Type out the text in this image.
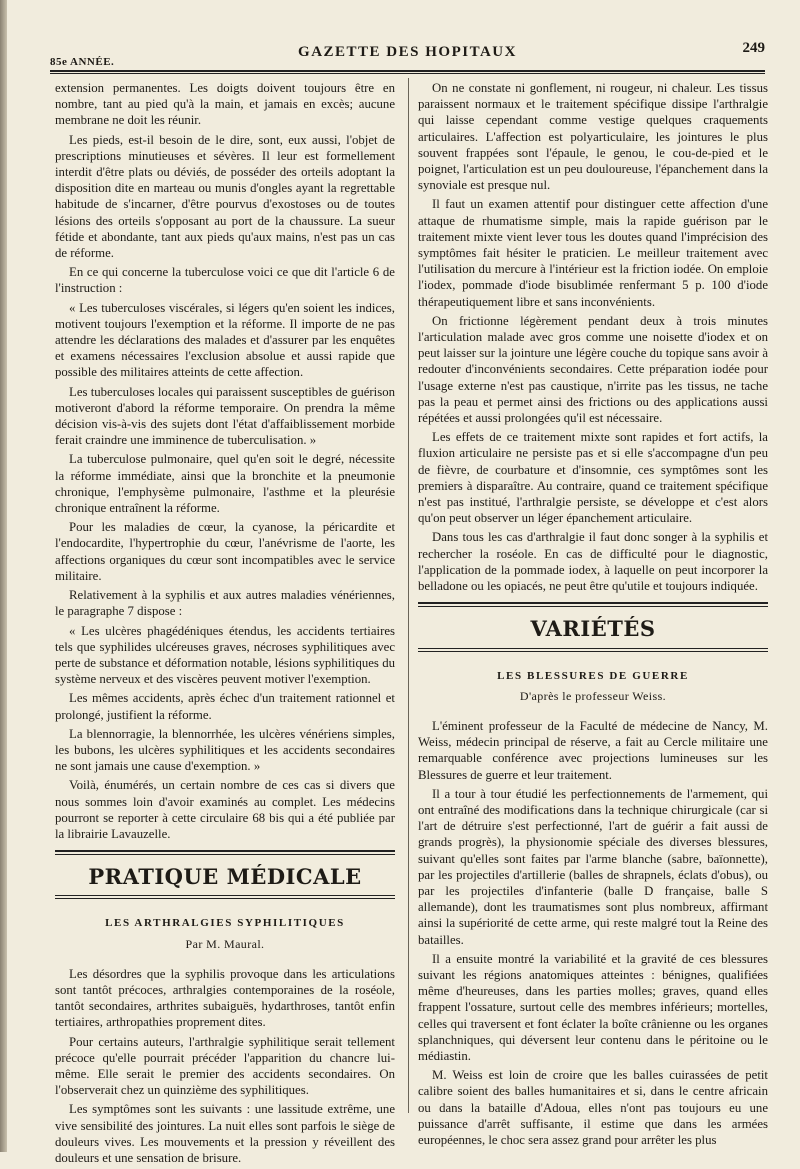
85e ANNÉE.
GAZETTE DES HOPITAUX	249

extension permanentes. Les doigts doivent toujours être en nombre, tant au pied qu'à la main, et jamais en excès; aucune membrane ne doit les réunir.

Les pieds, est-il besoin de le dire, sont, eux aussi, l'objet de prescriptions minutieuses et sévères. Il leur est formellement interdit d'être plats ou déviés, de posséder des orteils adoptant la disposition dite en marteau ou munis d'ongles ayant la regrettable habitude de s'incarner, d'être pourvus d'exostoses ou de toutes lésions des orteils s'opposant au port de la chaussure. La sueur fétide et abondante, tant aux pieds qu'aux mains, n'est pas un cas de réforme.

En ce qui concerne la tuberculose voici ce que dit l'article 6 de l'instruction :

« Les tuberculoses viscérales, si légers qu'en soient les indices, motivent toujours l'exemption et la réforme. Il importe de ne pas attendre les déclarations des malades et d'assurer par les enquêtes et examens nécessaires l'exclusion absolue et aussi rapide que possible des militaires atteints de cette affection.

Les tuberculoses locales qui paraissent susceptibles de guérison motiveront d'abord la réforme temporaire. On prendra la même décision vis-à-vis des sujets dont l'état d'affaiblissement morbide ferait craindre une imminence de tuberculisation. »

La tuberculose pulmonaire, quel qu'en soit le degré, nécessite la réforme immédiate, ainsi que la bronchite et la pneumonie chronique, l'emphysème pulmonaire, l'asthme et la pleurésie chronique entraînent la réforme.

Pour les maladies de cœur, la cyanose, la péricardite et l'endocardite, l'hypertrophie du cœur, l'anévrisme de l'aorte, les affections organiques du cœur sont incompatibles avec le service militaire.

Relativement à la syphilis et aux autres maladies vénériennes, le paragraphe 7 dispose :

« Les ulcères phagédéniques étendus, les accidents tertiaires tels que syphilides ulcéreuses graves, nécroses syphilitiques avec perte de substance et déformation notable, lésions syphilitiques du système nerveux et des viscères peuvent motiver l'exemption.

Les mêmes accidents, après échec d'un traitement rationnel et prolongé, justifient la réforme.

La blennorragie, la blennorrhée, les ulcères vénériens simples, les bubons, les ulcères syphilitiques et les accidents secondaires ne sont jamais une cause d'exemption. »

Voilà, énumérés, un certain nombre de ces cas si divers que nous sommes loin d'avoir examinés au complet. Les médecins pourront se reporter à cette circulaire 68 bis qui a été publiée par la librairie Lavauzelle.

PRATIQUE MÉDICALE
LES ARTHRALGIES SYPHILITIQUES
Par M. Maural.

Les désordres que la syphilis provoque dans les articulations sont tantôt précoces, arthralgies contemporaines de la roséole, tantôt secondaires, arthrites subaiguës, hydarthroses, tantôt enfin tertiaires, arthropathies proprement dites.

Pour certains auteurs, l'arthralgie syphilitique serait tellement précoce qu'elle pourrait précéder l'apparition du chancre lui-même. Elle serait le premier des accidents secondaires. On l'observerait chez un quinzième des syphilitiques.

Les symptômes sont les suivants : une lassitude extrême, une vive sensibilité des jointures. La nuit elles sont parfois le siège de douleurs vives. Les mouvements et la pression y réveillent des douleurs et une sensation de brisure.

On ne constate ni gonflement, ni rougeur, ni chaleur. Les tissus paraissent normaux et le traitement spécifique dissipe l'arthralgie qui laisse cependant comme vestige quelques craquements articulaires. L'affection est polyarticulaire, les jointures le plus souvent frappées sont l'épaule, le genou, le cou-de-pied et le poignet, l'articulation est un peu douloureuse, l'épanchement dans la synoviale est presque nul.

Il faut un examen attentif pour distinguer cette affection d'une attaque de rhumatisme simple, mais la rapide guérison par le traitement mixte vient lever tous les doutes quand l'imprécision des symptômes fait hésiter le praticien. Le meilleur traitement avec l'utilisation du mercure à l'intérieur est la friction iodée. On emploie l'iodex, pommade d'iode bisublimée renfermant 5 p. 100 d'iode thérapeutiquement libre et sans inconvénients.

On frictionne légèrement pendant deux à trois minutes l'articulation malade avec gros comme une noisette d'iodex et on peut laisser sur la jointure une légère couche du topique sans avoir à redouter d'inconvénients secondaires. Cette préparation iodée pour l'usage externe n'est pas caustique, n'irrite pas les tissus, ne tache pas la peau et permet ainsi des frictions ou des applications aussi répétées et aussi prolongées qu'il est nécessaire.

Les effets de ce traitement mixte sont rapides et fort actifs, la fluxion articulaire ne persiste pas et si elle s'accompagne d'un peu de fièvre, de courbature et d'insomnie, ces symptômes sont les premiers à disparaître. Au contraire, quand ce traitement spécifique n'est pas institué, l'arthralgie persiste, se développe et c'est alors qu'on peut observer un léger épanchement articulaire.

Dans tous les cas d'arthralgie il faut donc songer à la syphilis et rechercher la roséole. En cas de difficulté pour le diagnostic, l'application de la pommade iodex, à laquelle on peut incorporer la belladone ou les opiacés, ne peut être qu'utile et toujours indiquée.

VARIÉTÉS
LES BLESSURES DE GUERRE
D'après le professeur Weiss.

L'éminent professeur de la Faculté de médecine de Nancy, M. Weiss, médecin principal de réserve, a fait au Cercle militaire une remarquable conférence avec projections lumineuses sur les Blessures de guerre et leur traitement.

Il a tour à tour étudié les perfectionnements de l'armement, qui ont entraîné des modifications dans la technique chirurgicale (car si l'art de détruire s'est perfectionné, l'art de guérir a fait aussi de grands progrès), la physionomie spéciale des diverses blessures, suivant qu'elles sont faites par l'arme blanche (sabre, baïonnette), par les projectiles d'artillerie (balles de shrapnels, éclats d'obus), ou par les projectiles d'infanterie (balle D française, balle S allemande), dont les traumatismes sont plus nombreux, affirmant ainsi la supériorité de cette arme, qui reste malgré tout la Reine des batailles.

Il a ensuite montré la variabilité et la gravité de ces blessures suivant les régions anatomiques atteintes : bénignes, qualifiées même d'heureuses, dans les parties molles; graves, quand elles frappent l'ossature, surtout celle des membres inférieurs; mortelles, celles qui traversent et font éclater la boîte crânienne ou les organes splanchniques, qui déversent leur contenu dans le péritoine ou le médiastin.

M. Weiss est loin de croire que les balles cuirassées de petit calibre soient des balles humanitaires et si, dans le centre africain ou dans la bataille d'Adoua, elles n'ont pas toujours eu une puissance d'arrêt suffisante, il estime que dans les armées européennes, le choc sera assez grand pour arrêter les plus
